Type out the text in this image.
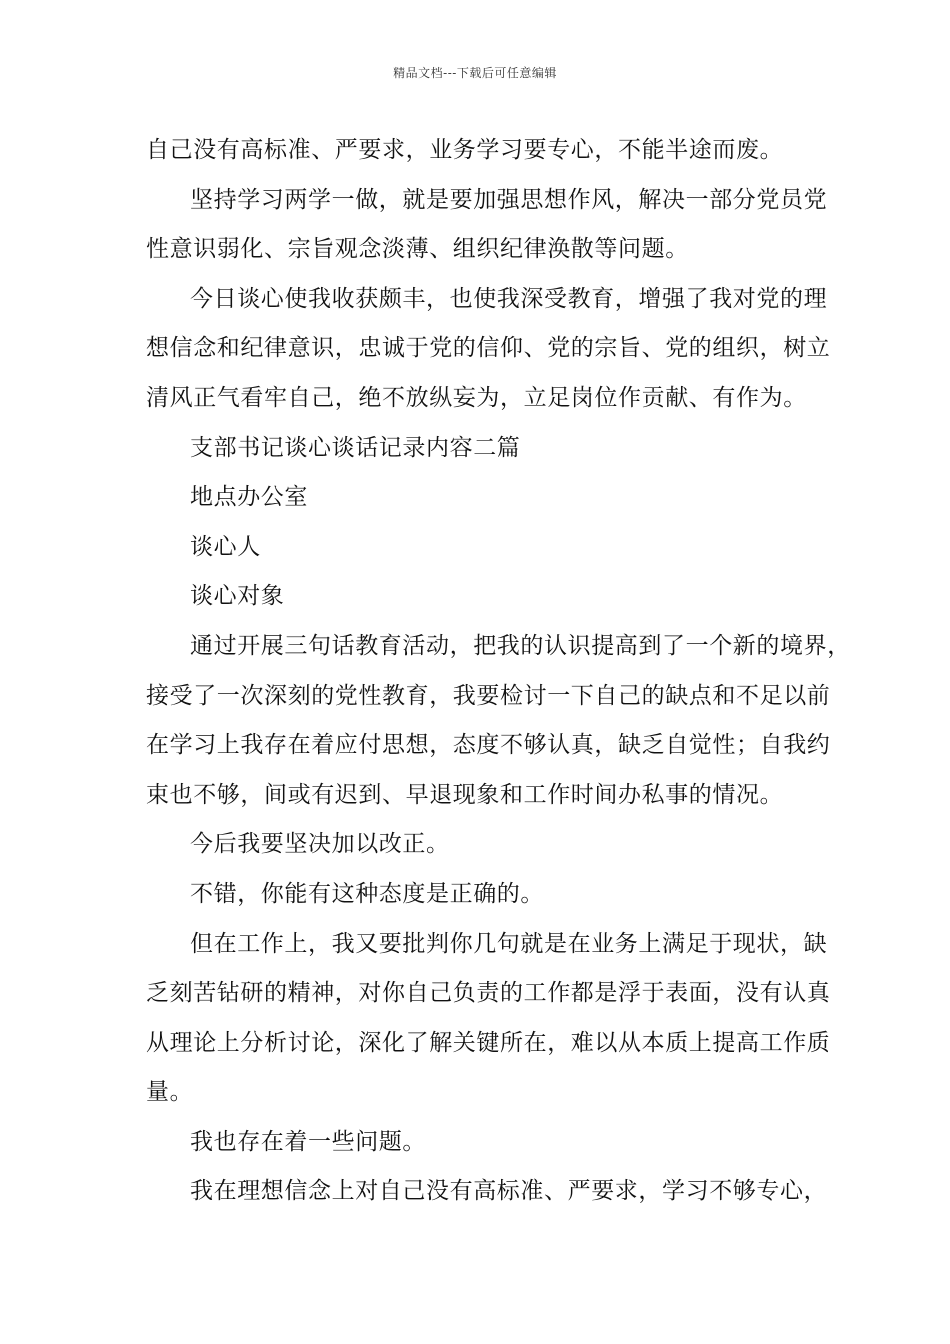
精品文档---下载后可任意编辑
自己没有高标准、严要求，业务学习要专心，不能半途而废。
坚持学习两学一做，就是要加强思想作风，解决一部分党员党
性意识弱化、宗旨观念淡薄、组织纪律涣散等问题。
今日谈心使我收获颇丰，也使我深受教育，增强了我对党的理
想信念和纪律意识，忠诚于党的信仰、党的宗旨、党的组织，树立
清风正气看牢自己，绝不放纵妄为，立足岗位作贡献、有作为。
支部书记谈心谈话记录内容二篇
地点办公室
谈心人
谈心对象
通过开展三句话教育活动，把我的认识提高到了一个新的境界，
接受了一次深刻的党性教育，我要检讨一下自己的缺点和不足以前
在学习上我存在着应付思想，态度不够认真，缺乏自觉性；自我约
束也不够，间或有迟到、早退现象和工作时间办私事的情况。
今后我要坚决加以改正。
不错，你能有这种态度是正确的。
但在工作上，我又要批判你几句就是在业务上满足于现状，缺
乏刻苦钻研的精神，对你自己负责的工作都是浮于表面，没有认真
从理论上分析讨论，深化了解关键所在，难以从本质上提高工作质
量。
我也存在着一些问题。
我在理想信念上对自己没有高标准、严要求，学习不够专心，
